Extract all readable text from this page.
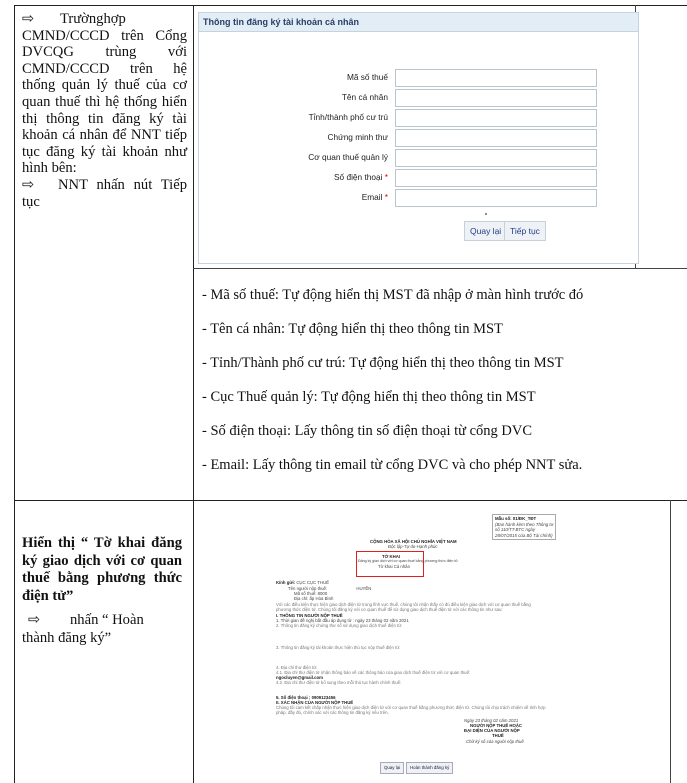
⇨ Trườnghợp

CMND/CCCD trên Cổng

DVCQG trùng với

CMND/CCCD trên hệ

thống quản lý thuế của cơ

quan thuế thì hệ thống hiển

thị thông tin đăng ký tài

khoản cá nhân để NNT tiếp

tục đăng ký tài khoản như

hình bên:

⇨ NNT nhấn nút Tiếp

tục

Thông tin đăng ký tài khoản cá nhân
Mã số thuế
Tên cá nhân
Tỉnh/thành phố cư trú
Chứng minh thư
Cơ quan thuế quản lý
Số điện thoại *
Email *
Quay lại	Tiếp tục
- Mã số thuế: Tự động hiển thị MST đã nhập ở màn hình trước đó
- Tên cá nhân: Tự động hiển thị theo thông tin MST
- Tỉnh/Thành phố cư trú: Tự động hiển thị theo thông tin MST
- Cục Thuế quản lý: Tự động hiển thị theo thông tin MST
- Số điện thoại: Lấy thông tin số điện thoại từ cổng DVC
- Email: Lấy thông tin email từ cổng DVC và cho phép NNT sửa.

Hiển thị “ Tờ khai đăng

ký giao dịch với cơ quan

thuế bằng phương thức

điện tử”

⇨ nhấn “ Hoàn

thành đăng ký”

Mẫu số: 01/ĐK_TĐT
(Ban hành kèm theo Thông tư
số 110/TT-BTC ngày
28/07/2015 của Bộ Tài chính)
CỘNG HÒA XÃ HỘI CHỦ NGHĨA VIỆT NAM
Độc lập-Tự do-Hạnh phúc
TỜ KHAI
Đăng ký giao dịch với cơ quan thuế bằng phương thức điện tử
Tờ khai Cá nhân
Kính gửi: CỤC CỤC THUẾ
Tên người nộp thuế:	HUYỀN
Mã số thuế: 8000
Địa chỉ: ấp Hòa Bình
Với các điều kiện thực hiện giao dịch điện tử trong lĩnh vực thuế, chúng tôi nhận thấy có đủ điều kiện giao dịch với cơ quan thuế bằng
phương thức điện tử. Chúng tôi đăng ký với cơ quan thuế để sử dụng giao dịch thuế điện tử với các thông tin như sau:
I. THÔNG TIN NGƯỜI NỘP THUẾ
1. Thời gian đề nghị bắt đầu áp dụng từ : ngày 23 tháng 02 năm 2021
2. Thông tin đăng ký chứng thư số sử dụng giao dịch thuế điện tử:
3. Thông tin đăng ký tài khoản thực hiện thủ tục nộp thuế điện tử:
4. Địa chỉ thư điện tử:
4.1. Địa chỉ thư điện tử nhận thông báo về các thông báo của giao dịch thuế điện tử với cơ quan thuế:
ngocluyen@gmail.com
4.2. Địa chỉ thư điện tử bổ sung theo mỗi thủ tục hành chính thuế:
5. Số điện thoại : 0909123456
II. XÁC NHẬN CỦA NGƯỜI NỘP THUẾ
Chúng tôi cam kết chấp nhận thực hiện giao dịch điện tử với cơ quan thuế bằng phương thức điện tử. Chúng tôi chịu trách nhiệm về tính hợp
pháp, đầy đủ, chính xác với các thông tin đăng ký nêu trên.
Ngày 23 tháng 02 năm 2021
NGƯỜI NỘP THUẾ HOẶC
ĐẠI DIỆN CỦA NGƯỜI NỘP
THUẾ
Chữ ký số của người nộp thuế
Quay lại	Hoàn thành đăng ký
